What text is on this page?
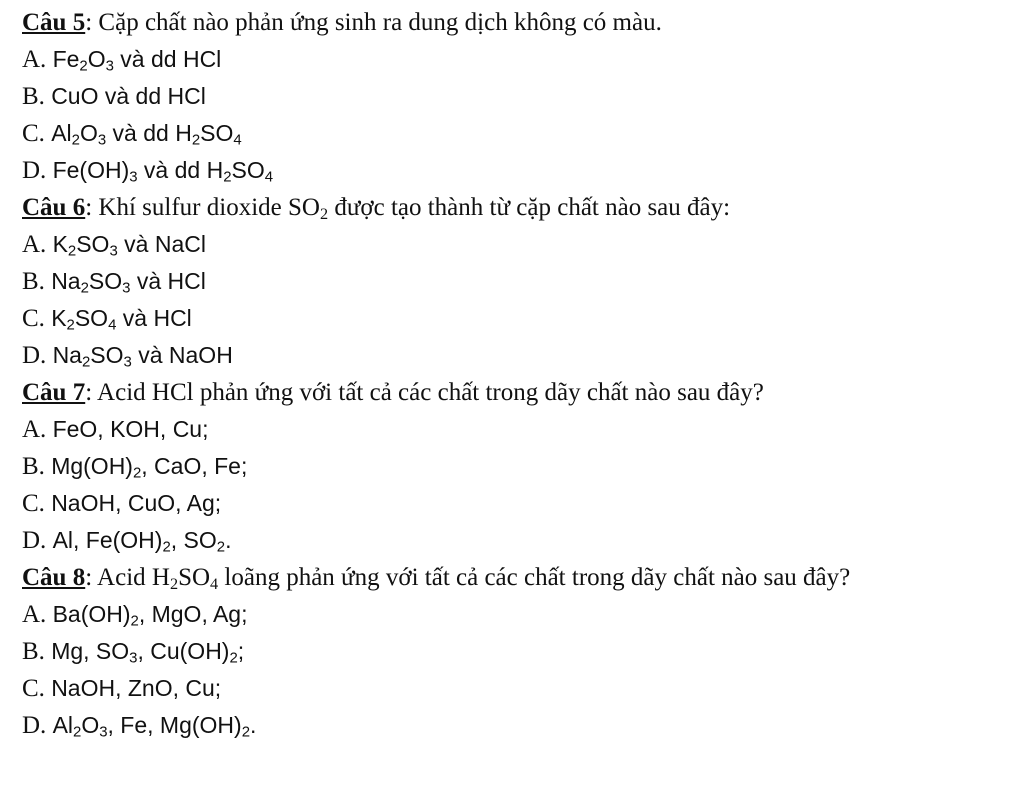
Câu 5: Cặp chất nào phản ứng sinh ra dung dịch không có màu.
A. $Fe_2O_3$ và dd HCl
B. CuO và dd HCl
C. $Al_2O_3$ và dd $H_2SO_4$
D. $Fe(OH)_3$ và dd $H_2SO_4$
Câu 6: Khí sulfur dioxide $SO_2$ được tạo thành từ cặp chất nào sau đây:
A. $K_2SO_3$ và NaCl
B. $Na_2SO_3$ và HCl
C. $K_2SO_4$ và HCl
D. $Na_2SO_3$ và NaOH
Câu 7: Acid HCl phản ứng với tất cả các chất trong dãy chất nào sau đây?
A. FeO, KOH, Cu;
B. $Mg(OH)_2$, CaO, Fe;
C. NaOH, CuO, Ag;
D. Al, $Fe(OH)_2$, $SO_2$.
Câu 8: Acid $H_2SO_4$ loãng phản ứng với tất cả các chất trong dãy chất nào sau đây?
A. $Ba(OH)_2$, MgO, Ag;
B. Mg, $SO_3$, $Cu(OH)_2$;
C. NaOH, ZnO, Cu;
D. $Al_2O_3$, Fe, $Mg(OH)_2$.
